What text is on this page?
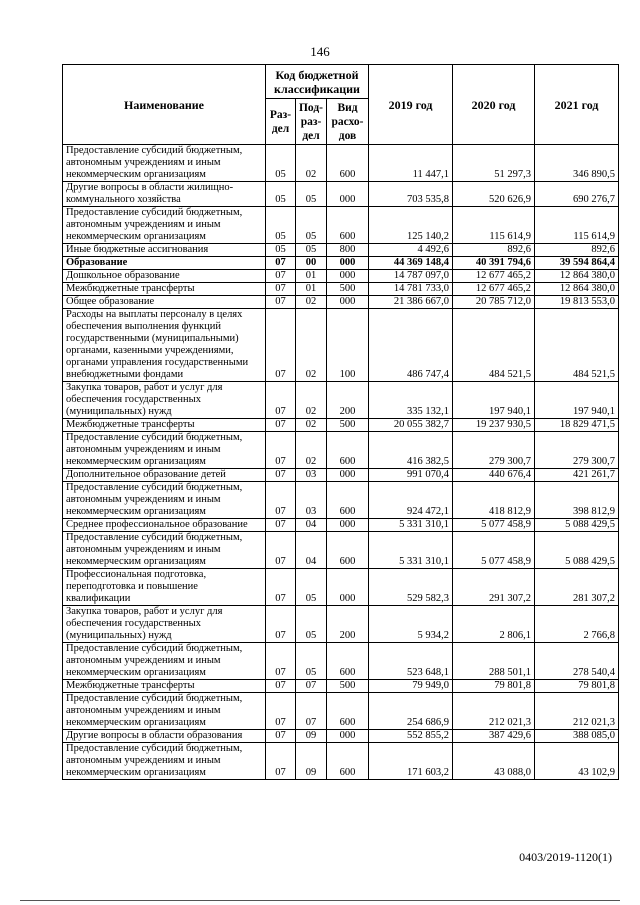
146
Наименование	Код бюджетной классификации			2019 год	2020 год	2021 год
	Раз-дел	Под-раз-дел	Вид расхо-дов			
Предоставление субсидий бюджетным, автономным учреждениям и иным некоммерческим организациям	05	02	600	11 447,1	51 297,3	346 890,5
Другие вопросы в области жилищно-коммунального хозяйства	05	05	000	703 535,8	520 626,9	690 276,7
Предоставление субсидий бюджетным, автономным учреждениям и иным некоммерческим организациям	05	05	600	125 140,2	115 614,9	115 614,9
Иные бюджетные ассигнования	05	05	800	4 492,6	892,6	892,6
Образование	07	00	000	44 369 148,4	40 391 794,6	39 594 864,4
Дошкольное образование	07	01	000	14 787 097,0	12 677 465,2	12 864 380,0
Межбюджетные трансферты	07	01	500	14 781 733,0	12 677 465,2	12 864 380,0
Общее образование	07	02	000	21 386 667,0	20 785 712,0	19 813 553,0
Расходы на выплаты персоналу в целях обеспечения выполнения функций государственными (муниципальными) органами, казенными учреждениями, органами управления государственными внебюджетными фондами	07	02	100	486 747,4	484 521,5	484 521,5
Закупка товаров, работ и услуг для обеспечения государственных (муниципальных) нужд	07	02	200	335 132,1	197 940,1	197 940,1
Межбюджетные трансферты	07	02	500	20 055 382,7	19 237 930,5	18 829 471,5
Предоставление субсидий бюджетным, автономным учреждениям и иным некоммерческим организациям	07	02	600	416 382,5	279 300,7	279 300,7
Дополнительное образование детей	07	03	000	991 070,4	440 676,4	421 261,7
Предоставление субсидий бюджетным, автономным учреждениям и иным некоммерческим организациям	07	03	600	924 472,1	418 812,9	398 812,9
Среднее профессиональное образование	07	04	000	5 331 310,1	5 077 458,9	5 088 429,5
Предоставление субсидий бюджетным, автономным учреждениям и иным некоммерческим организациям	07	04	600	5 331 310,1	5 077 458,9	5 088 429,5
Профессиональная подготовка, переподготовка и повышение квалификации	07	05	000	529 582,3	291 307,2	281 307,2
Закупка товаров, работ и услуг для обеспечения государственных (муниципальных) нужд	07	05	200	5 934,2	2 806,1	2 766,8
Предоставление субсидий бюджетным, автономным учреждениям и иным некоммерческим организациям	07	05	600	523 648,1	288 501,1	278 540,4
Межбюджетные трансферты	07	07	500	79 949,0	79 801,8	79 801,8
Предоставление субсидий бюджетным, автономным учреждениям и иным некоммерческим организациям	07	07	600	254 686,9	212 021,3	212 021,3
Другие вопросы в области образования	07	09	000	552 855,2	387 429,6	388 085,0
Предоставление субсидий бюджетным, автономным учреждениям и иным некоммерческим организациям	07	09	600	171 603,2	43 088,0	43 102,9
0403/2019-1120(1)
